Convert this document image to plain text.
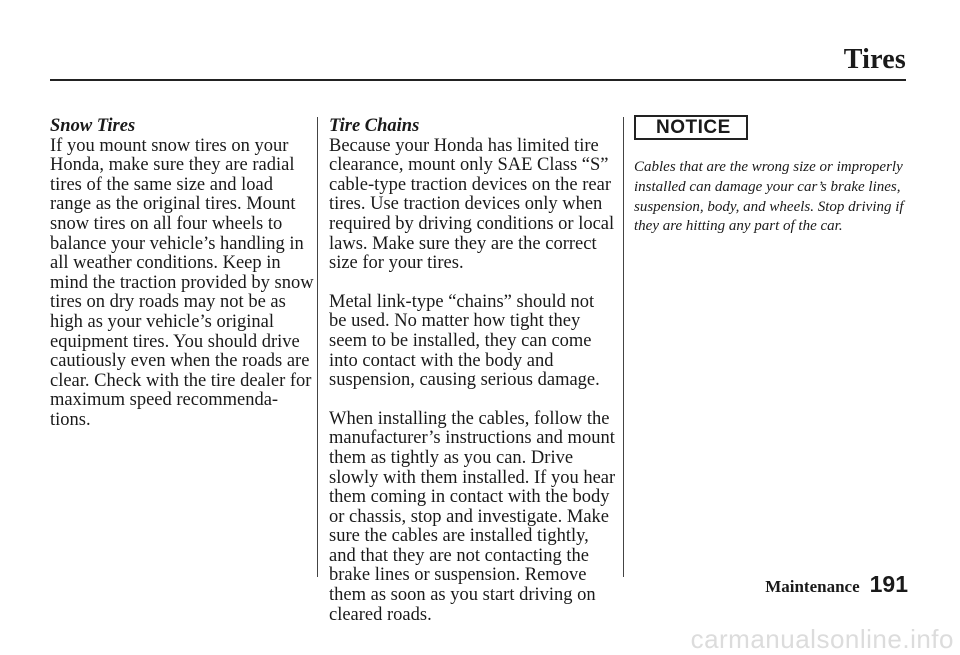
Tires

Snow Tires

If you mount snow tires on your Honda, make sure they are radial tires of the same size and load range as the original tires. Mount snow tires on all four wheels to balance your vehicle’s handling in all weather conditions. Keep in mind the traction provided by snow tires on dry roads may not be as high as your vehicle’s original equipment tires. You should drive cautiously even when the roads are clear. Check with the tire dealer for maximum speed recommenda-tions.

Tire Chains

Because your Honda has limited tire clearance, mount only SAE Class “S” cable-type traction devices on the rear tires. Use traction devices only when required by driving conditions or local laws. Make sure they are the correct size for your tires.

Metal link-type “chains” should not be used. No matter how tight they seem to be installed, they can come into contact with the body and suspension, causing serious damage.

When installing the cables, follow the manufacturer’s instructions and mount them as tightly as you can. Drive slowly with them installed. If you hear them coming in contact with the body or chassis, stop and investigate. Make sure the cables are installed tightly, and that they are not contacting the brake lines or suspension. Remove them as soon as you start driving on cleared roads.

NOTICE
Cables that are the wrong size or improperly installed can damage your car’s brake lines, suspension, body, and wheels. Stop driving if they are hitting any part of the car.
Maintenance 191
carmanualsonline.info
